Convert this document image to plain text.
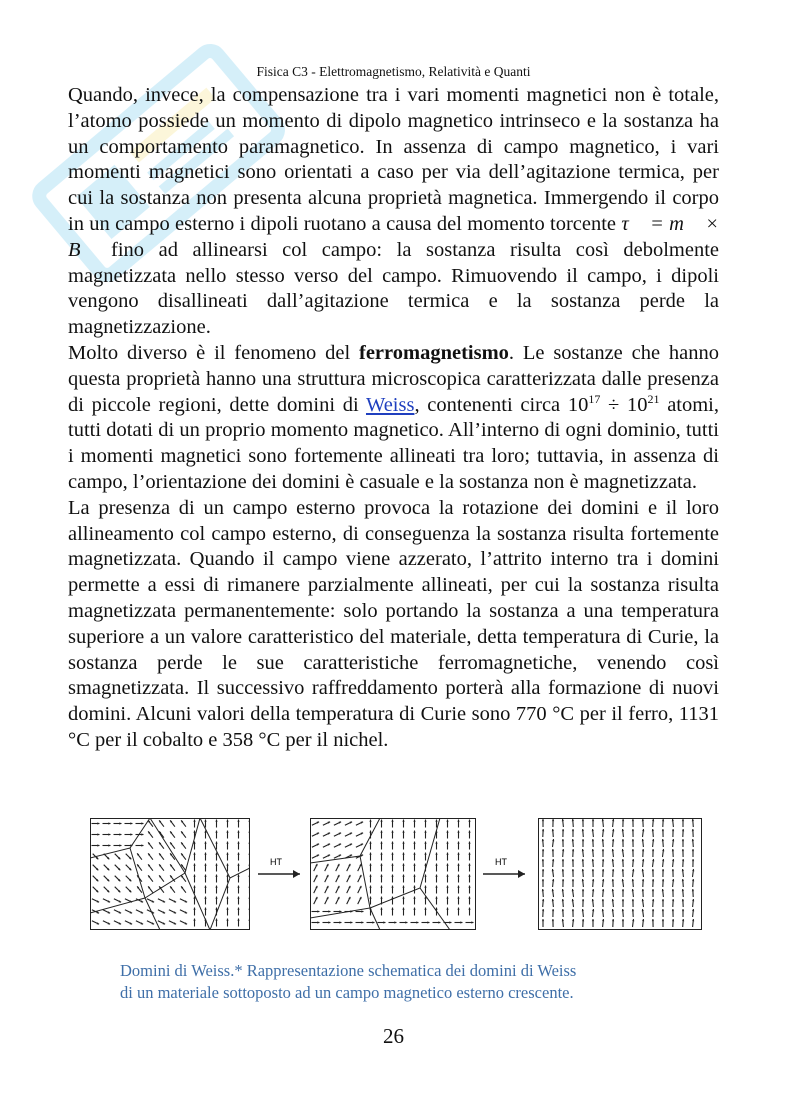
Fisica C3 - Elettromagnetismo, Relatività e Quanti

Quando, invece, la compensazione tra i vari momenti magnetici non è totale, l’atomo possiede un momento di dipolo magnetico intrinseco e la sostanza ha un comportamento paramagnetico. In assenza di campo magnetico, i vari momenti magnetici sono orientati a caso per via dell’agitazione termica, per cui la sostanza non presenta alcuna proprietà magnetica. Immergendo il corpo in un campo esterno i dipoli ruotano a causa del momento torcente τ⃗ = m⃗ × B⃗ fino ad allinearsi col campo: la sostanza risulta così debolmente magnetizzata nello stesso verso del campo. Rimuovendo il campo, i dipoli vengono disallineati dall’agitazione termica e la sostanza perde la magnetizzazione.

Molto diverso è il fenomeno del ferromagnetismo. Le sostanze che hanno questa proprietà hanno una struttura microscopica caratterizzata dalle presenza di piccole regioni, dette domini di Weiss, contenenti circa $10^{17} \div 10^{21}$ atomi, tutti dotati di un proprio momento magnetico. All’interno di ogni dominio, tutti i momenti magnetici sono fortemente allineati tra loro; tuttavia, in assenza di campo, l’orientazione dei domini è casuale e la sostanza non è magnetizzata.

La presenza di un campo esterno provoca la rotazione dei domini e il loro allineamento col campo esterno, di conseguenza la sostanza risulta fortemente magnetizzata. Quando il campo viene azzerato, l’attrito interno tra i domini permette a essi di rimanere parzialmente allineati, per cui la sostanza risulta magnetizzata permanentemente: solo portando la sostanza a una temperatura superiore a un valore caratteristico del materiale, detta temperatura di Curie, la sostanza perde le sue caratteristiche ferromagnetiche, venendo così smagnetizzata. Il successivo raffreddamento porterà alla formazione di nuovi domini. Alcuni valori della temperatura di Curie sono 770 °C per il ferro, 1131 °C per il cobalto e 358 °C per il nichel.

HT	HT
Domini di Weiss.* Rappresentazione schematica dei domini di Weiss
di un materiale sottoposto ad un campo magnetico esterno crescente.
26
